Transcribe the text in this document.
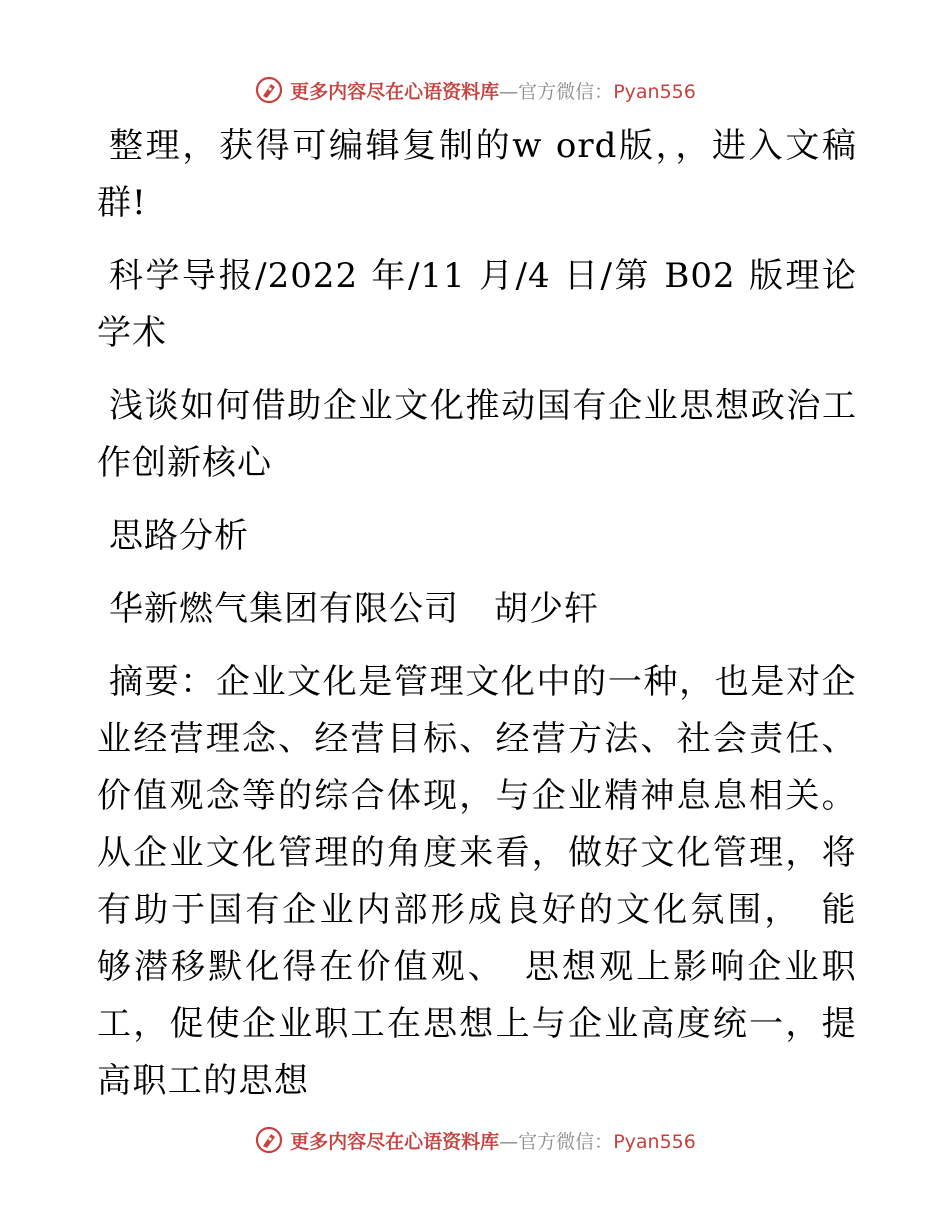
更多内容尽在心语资料库—官方微信：Pyan556

整理，获得可编辑复制的w ord版，，进入文稿群!

科学导报/2022 年/11 月/4 日/第 B02 版理论学术

浅谈如何借助企业文化推动国有企业思想政治工作创新核心

思路分析

华新燃气集团有限公司　胡少轩

摘要：企业文化是管理文化中的一种，也是对企业经营理念、经营目标、经营方法、社会责任、价值观念等的综合体现，与企业精神息息相关。从企业文化管理的角度来看，做好文化管理，将有助于国有企业内部形成良好的文化氛围，　能够潜移默化得在价值观、　思想观上影响企业职工，促使企业职工在思想上与企业高度统一，提高职工的思想

更多内容尽在心语资料库—官方微信：Pyan556
